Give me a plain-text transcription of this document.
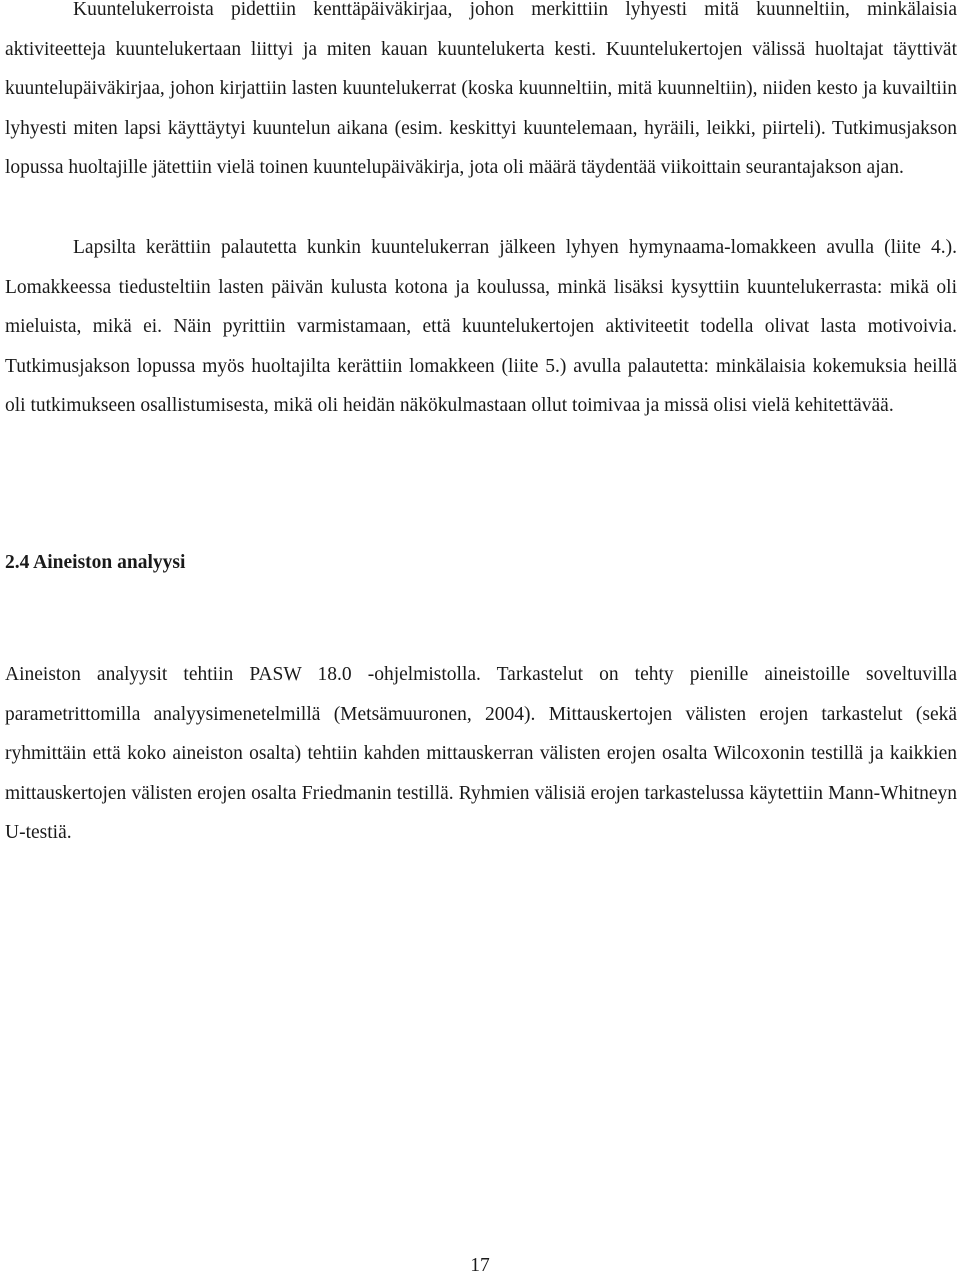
Kuuntelukerroista pidettiin kenttäpäiväkirjaa, johon merkittiin lyhyesti mitä kuunneltiin, minkälaisia aktiviteetteja kuuntelukertaan liittyi ja miten kauan kuuntelukerta kesti. Kuuntelukertojen välissä huoltajat täyttivät kuuntelupäiväkirjaa, johon kirjattiin lasten kuuntelukerrat (koska kuunneltiin, mitä kuunneltiin), niiden kesto ja kuvailtiin lyhyesti miten lapsi käyttäytyi kuuntelun aikana (esim. keskittyi kuuntelemaan, hyräili, leikki, piirteli). Tutkimusjakson lopussa huoltajille jätettiin vielä toinen kuuntelupäiväkirja, jota oli määrä täydentää viikoittain seurantajakson ajan.

Lapsilta kerättiin palautetta kunkin kuuntelukerran jälkeen lyhyen hymynaama-lomakkeen avulla (liite 4.). Lomakkeessa tiedusteltiin lasten päivän kulusta kotona ja koulussa, minkä lisäksi kysyttiin kuuntelukerrasta: mikä oli mieluista, mikä ei. Näin pyrittiin varmistamaan, että kuuntelukertojen aktiviteetit todella olivat lasta motivoivia. Tutkimusjakson lopussa myös huoltajilta kerättiin lomakkeen (liite 5.) avulla palautetta: minkälaisia kokemuksia heillä oli tutkimukseen osallistumisesta, mikä oli heidän näkökulmastaan ollut toimivaa ja missä olisi vielä kehitettävää.

2.4 Aineiston analyysi

Aineiston analyysit tehtiin PASW 18.0 -ohjelmistolla. Tarkastelut on tehty pienille aineistoille soveltuvilla parametrittomilla analyysimenetelmillä (Metsämuuronen, 2004). Mittauskertojen välisten erojen tarkastelut (sekä ryhmittäin että koko aineiston osalta) tehtiin kahden mittauskerran välisten erojen osalta Wilcoxonin testillä ja kaikkien mittauskertojen välisten erojen osalta Friedmanin testillä. Ryhmien välisiä erojen tarkastelussa käytettiin Mann-Whitneyn U-testiä.

17
